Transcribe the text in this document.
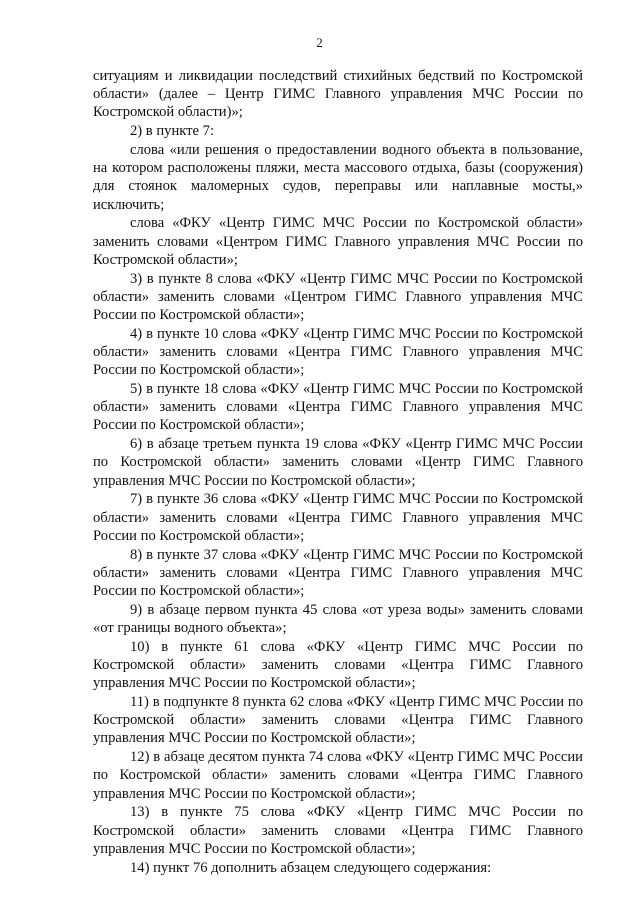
2

ситуациям и ликвидации последствий стихийных бедствий по Костромской области» (далее – Центр ГИМС Главного управления МЧС России по Костромской области)»;

2) в пункте 7:

слова «или решения о предоставлении водного объекта в пользование, на котором расположены пляжи, места массового отдыха, базы (сооружения) для стоянок маломерных судов, переправы или наплавные мосты,» исключить;

слова «ФКУ «Центр ГИМС МЧС России по Костромской области» заменить словами «Центром ГИМС Главного управления МЧС России по Костромской области»;

3) в пункте 8 слова «ФКУ «Центр ГИМС МЧС России по Костромской области» заменить словами «Центром ГИМС Главного управления МЧС России по Костромской области»;

4) в пункте 10 слова «ФКУ «Центр ГИМС МЧС России по Костромской области» заменить словами «Центра ГИМС Главного управления МЧС России по Костромской области»;

5) в пункте 18 слова «ФКУ «Центр ГИМС МЧС России по Костромской области» заменить словами «Центра ГИМС Главного управления МЧС России по Костромской области»;

6) в абзаце третьем пункта 19 слова «ФКУ «Центр ГИМС МЧС России по Костромской области» заменить словами «Центр ГИМС Главного управления МЧС России по Костромской области»;

7) в пункте 36 слова «ФКУ «Центр ГИМС МЧС России по Костромской области» заменить словами «Центра ГИМС Главного управления МЧС России по Костромской области»;

8) в пункте 37 слова «ФКУ «Центр ГИМС МЧС России по Костромской области» заменить словами «Центра ГИМС Главного управления МЧС России по Костромской области»;

9) в абзаце первом пункта 45 слова «от уреза воды» заменить словами «от границы водного объекта»;

10) в пункте 61 слова «ФКУ «Центр ГИМС МЧС России по Костромской области» заменить словами «Центра ГИМС Главного управления МЧС России по Костромской области»;

11) в подпункте 8 пункта 62 слова «ФКУ «Центр ГИМС МЧС России по Костромской области» заменить словами «Центра ГИМС Главного управления МЧС России по Костромской области»;

12) в абзаце десятом пункта 74 слова «ФКУ «Центр ГИМС МЧС России по Костромской области» заменить словами «Центра ГИМС Главного управления МЧС России по Костромской области»;

13) в пункте 75 слова «ФКУ «Центр ГИМС МЧС России по Костромской области» заменить словами «Центра ГИМС Главного управления МЧС России по Костромской области»;

14) пункт 76 дополнить абзацем следующего содержания:
